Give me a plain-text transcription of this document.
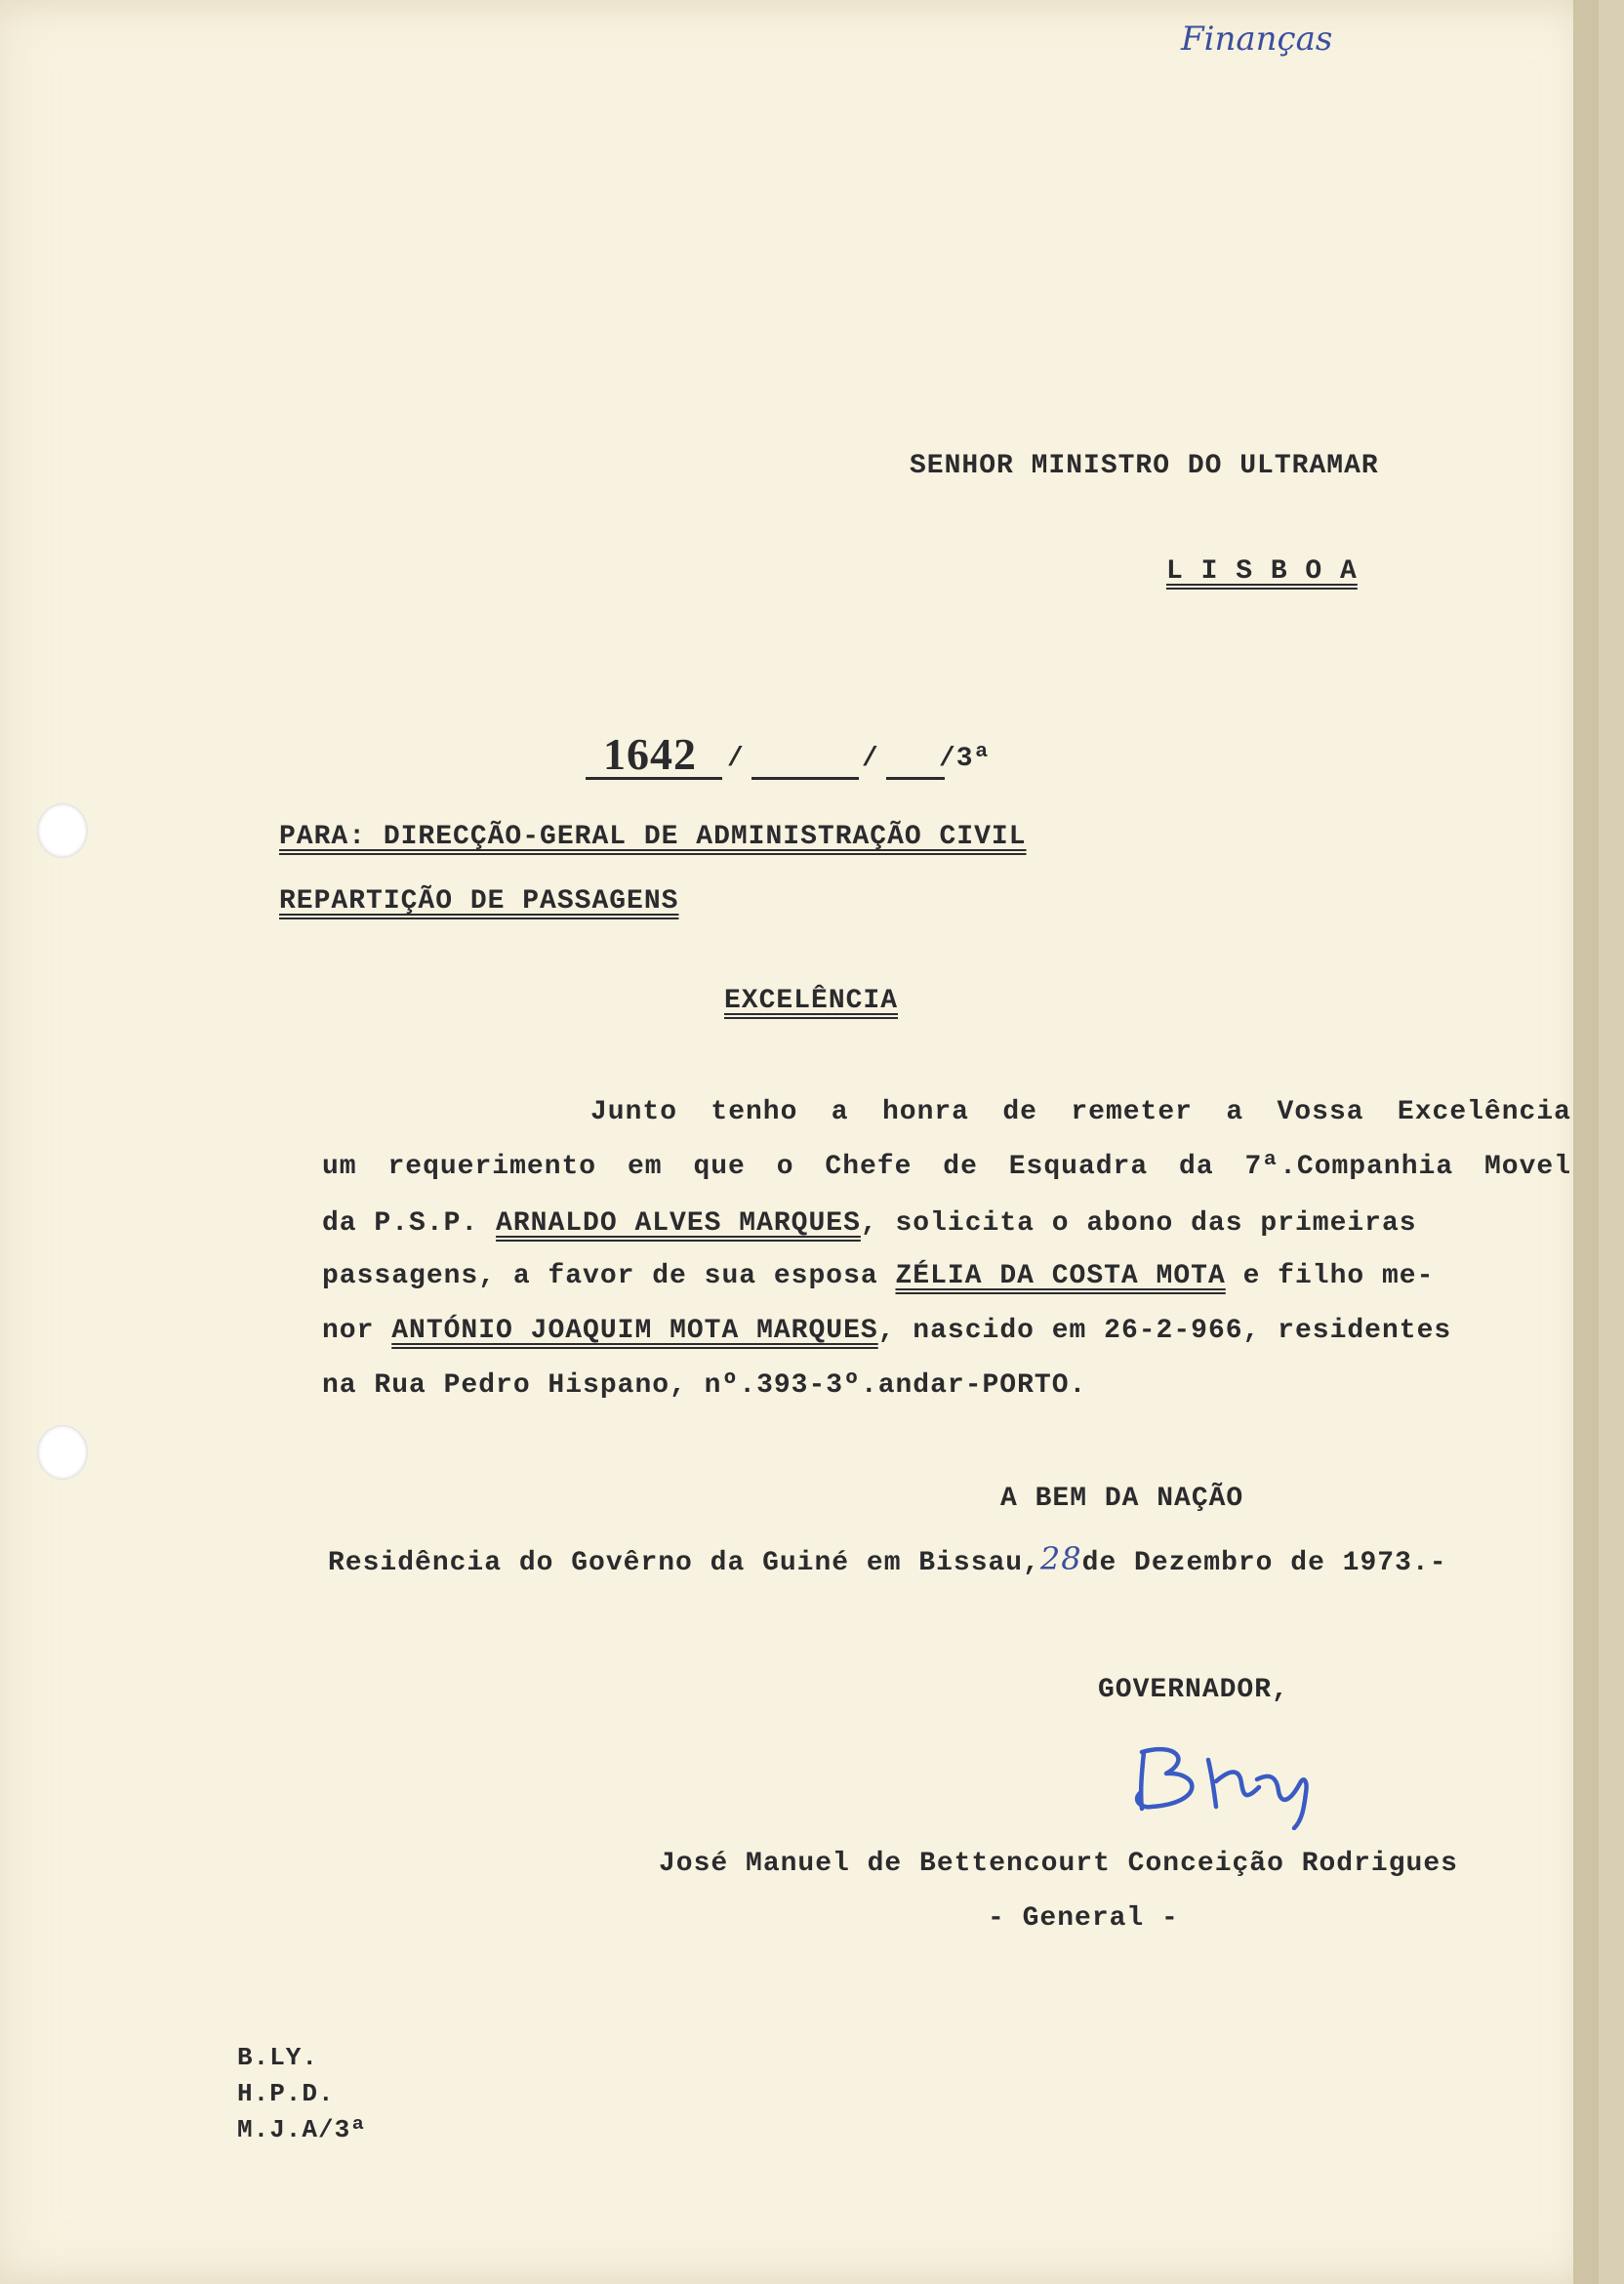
Finanças
SENHOR MINISTRO DO ULTRAMAR
L I S B O A
1642 /	/ /3ª
PARA: DIRECÇÃO-GERAL DE ADMINISTRAÇÃO CIVIL
REPARTIÇÃO DE PASSAGENS
EXCELÊNCIA
Junto tenho a honra de remeter a Vossa Excelência
um requerimento em que o Chefe de Esquadra da 7ª.Companhia Movel
da P.S.P. ARNALDO ALVES MARQUES , solicita o abono das primeiras
passagens, a favor de sua esposa ZÉLIA DA COSTA MOTA e filho me-
nor ANTÓNIO JOAQUIM MOTA MARQUES , nascido em 26-2-966, residentes
na Rua Pedro Hispano, nº.393-3º.andar-PORTO.
A BEM DA NAÇÃO
Residência do Govêrno da Guiné em Bissau,28de Dezembro de 1973.-
GOVERNADOR,
José Manuel de Bettencourt Conceição Rodrigues
- General -
B.LY.
H.P.D.
M.J.A/3ª
